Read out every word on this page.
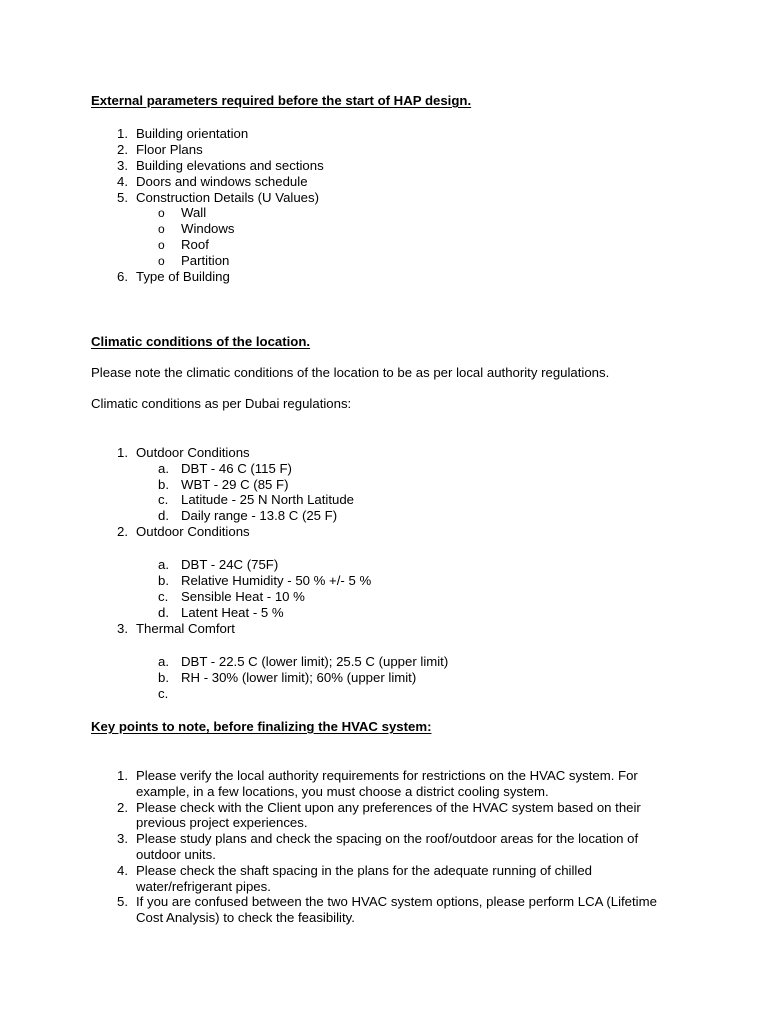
External parameters required before the start of HAP design.
1. Building orientation
2. Floor Plans
3. Building elevations and sections
4. Doors and windows schedule
5. Construction Details (U Values)
o	Wall
o	Windows
o	Roof
o	Partition
6. Type of Building
Climatic conditions of the location.
Please note the climatic conditions of the location to be as per local authority regulations.
Climatic conditions as per Dubai regulations:
1. Outdoor Conditions
a. DBT - 46 C (115 F)
b. WBT - 29 C (85 F)
c. Latitude - 25 N North Latitude
d. Daily range - 13.8 C (25 F)
2. Outdoor Conditions
a. DBT - 24C (75F)
b. Relative Humidity - 50 % +/- 5 %
c. Sensible Heat - 10 %
d. Latent Heat - 5 %
3. Thermal Comfort
a. DBT - 22.5 C (lower limit); 25.5 C (upper limit)
b. RH - 30% (lower limit); 60% (upper limit)
c.
Key points to note, before finalizing the HVAC system:
1. Please verify the local authority requirements for restrictions on the HVAC system. For
example, in a few locations, you must choose a district cooling system.
2. Please check with the Client upon any preferences of the HVAC system based on their
previous project experiences.
3. Please study plans and check the spacing on the roof/outdoor areas for the location of
outdoor units.
4. Please check the shaft spacing in the plans for the adequate running of chilled
water/refrigerant pipes.
5. If you are confused between the two HVAC system options, please perform LCA (Lifetime
Cost Analysis) to check the feasibility.
